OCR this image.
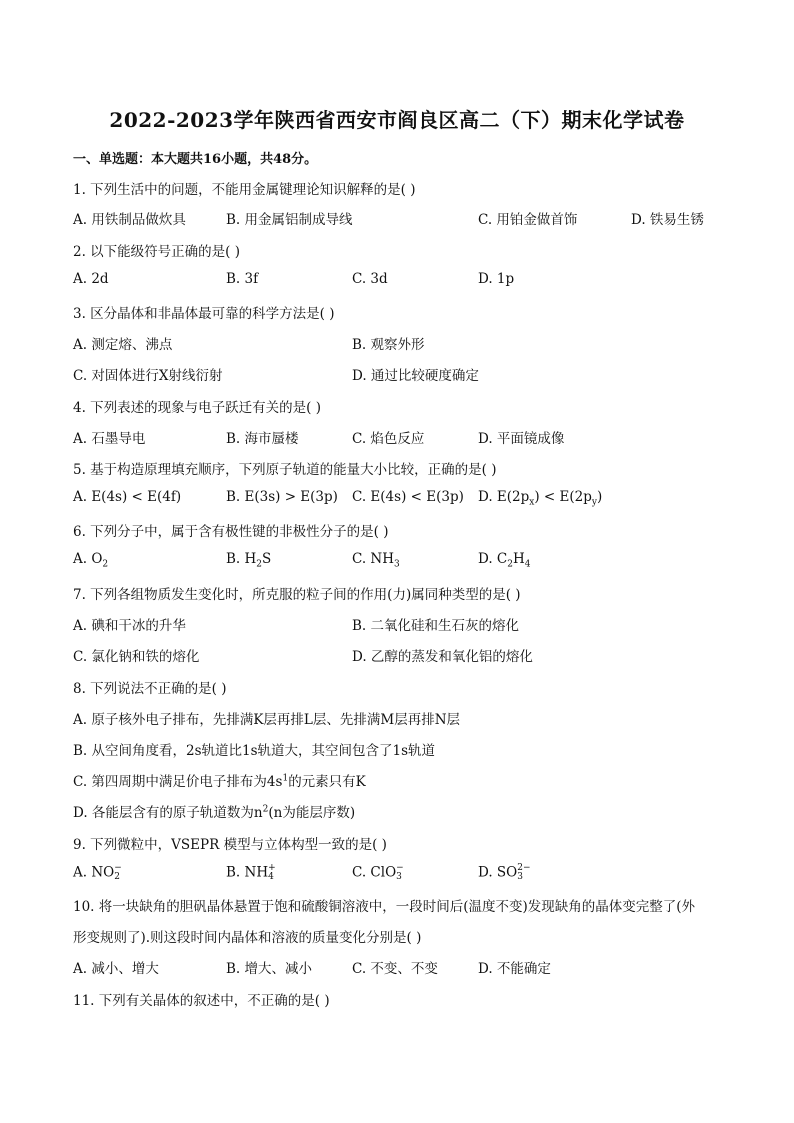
2022-2023学年陕西省西安市阎良区高二（下）期末化学试卷
一、单选题：本大题共16小题，共48分。
1. 下列生活中的问题，不能用金属键理论知识解释的是( )
A. 用铁制品做炊具	B. 用金属铝制成导线	C. 用铂金做首饰	D. 铁易生锈
2. 以下能级符号正确的是( )
A. 2d	B. 3f	C. 3d	D. 1p
3. 区分晶体和非晶体最可靠的科学方法是( )
A. 测定熔、沸点	B. 观察外形
C. 对固体进行X射线衍射	D. 通过比较硬度确定
4. 下列表述的现象与电子跃迁有关的是( )
A. 石墨导电	B. 海市蜃楼	C. 焰色反应	D. 平面镜成像
5. 基于构造原理填充顺序，下列原子轨道的能量大小比较，正确的是( )
A. E(4s) < E(4f)	B. E(3s) > E(3p) C. E(4s) < E(3p) D. $E(2p_x) < E(2p_y)$
6. 下列分子中，属于含有极性键的非极性分子的是( )
A. $O_2$	B. $H_2S$	C. $NH_3$	D. $C_2H_4$
7. 下列各组物质发生变化时，所克服的粒子间的作用(力)属同种类型的是( )
A. 碘和干冰的升华	B. 二氧化硅和生石灰的熔化
C. 氯化钠和铁的熔化	D. 乙醇的蒸发和氧化铝的熔化
8. 下列说法不正确的是( )
A. 原子核外电子排布，先排满K层再排L层、先排满M层再排N层
B. 从空间角度看，2s轨道比1s轨道大，其空间包含了1s轨道
C. 第四周期中满足价电子排布为$4s^1$的元素只有K
D. 各能层含有的原子轨道数为$n^2(n$为能层序数)
9. 下列微粒中，VSEPR 模型与立体构型一致的是( )
A. NO −
2	B. NH +
4	C. ClO −
3	D. SO 2−
3
10. 将一块缺角的胆矾晶体悬置于饱和硫酸铜溶液中，一段时间后(温度不变)发现缺角的晶体变完整了(外
形变规则了).则这段时间内晶体和溶液的质量变化分别是( )
A. 减小、增大	B. 增大、减小	C. 不变、不变	D. 不能确定
11. 下列有关晶体的叙述中，不正确的是( )
